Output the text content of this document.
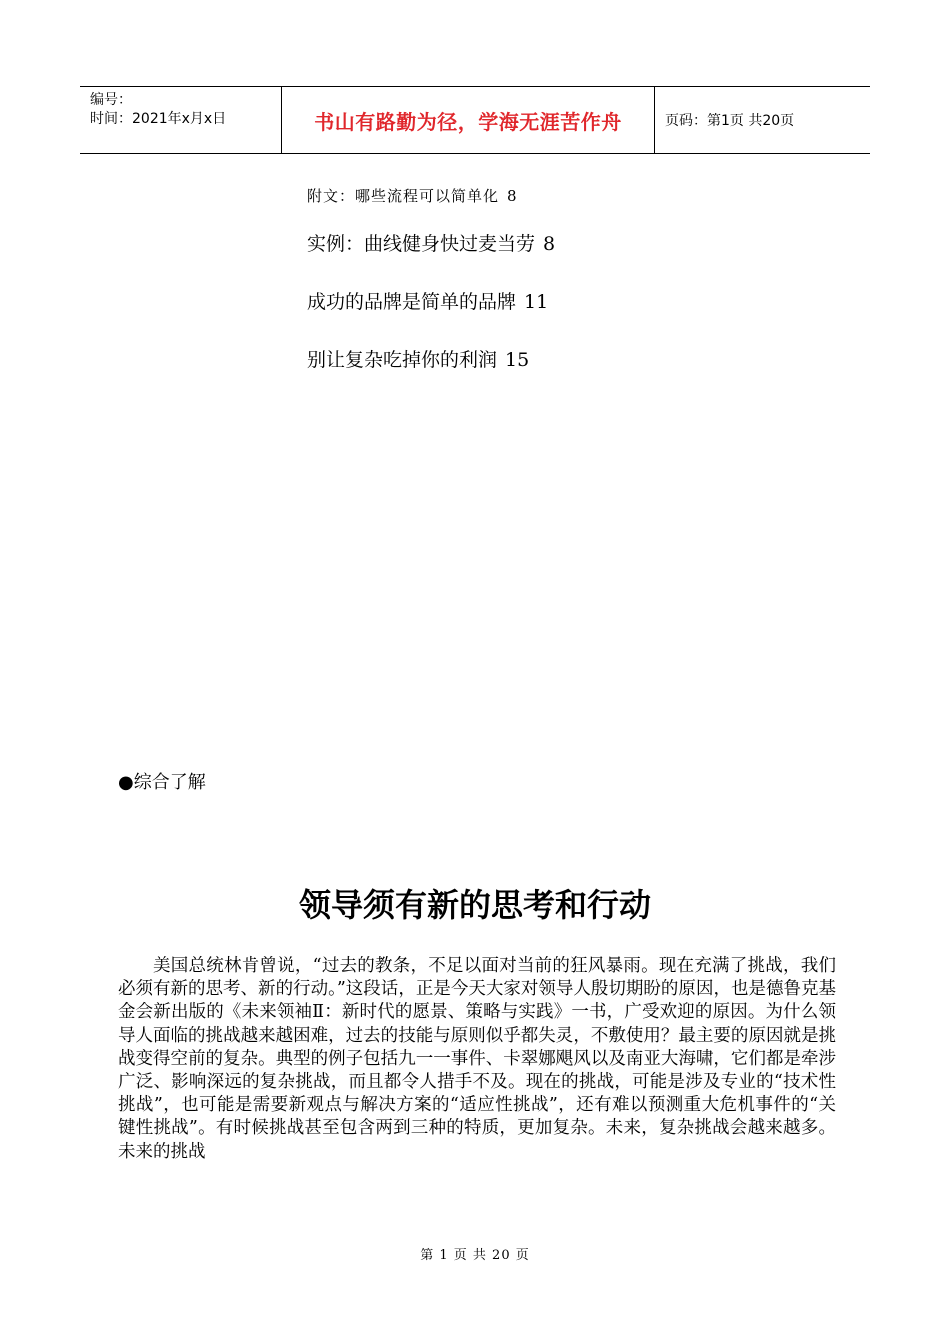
编号：
时间：2021年x月x日	书山有路勤为径，学海无涯苦作舟	页码：第1页 共20页

附文：哪些流程可以简单化 8

实例：曲线健身快过麦当劳 8

成功的品牌是简单的品牌 11

别让复杂吃掉你的利润 15

●综合了解
领导须有新的思考和行动

美国总统林肯曾说，“过去的教条，不足以面对当前的狂风暴雨。现在充满了挑战，我们必须有新的思考、新的行动。”这段话，正是今天大家对领导人殷切期盼的原因，也是德鲁克基金会新出版的《未来领袖Ⅱ：新时代的愿景、策略与实践》一书，广受欢迎的原因。为什么领导人面临的挑战越来越困难，过去的技能与原则似乎都失灵，不敷使用？最主要的原因就是挑战变得空前的复杂。典型的例子包括九一一事件、卡翠娜飓风以及南亚大海啸，它们都是牵涉广泛、影响深远的复杂挑战，而且都令人措手不及。现在的挑战，可能是涉及专业的“技术性挑战”，也可能是需要新观点与解决方案的“适应性挑战”，还有难以预测重大危机事件的“关键性挑战”。有时候挑战甚至包含两到三种的特质，更加复杂。未来，复杂挑战会越来越多。未来的挑战

第 1 页 共 20 页
